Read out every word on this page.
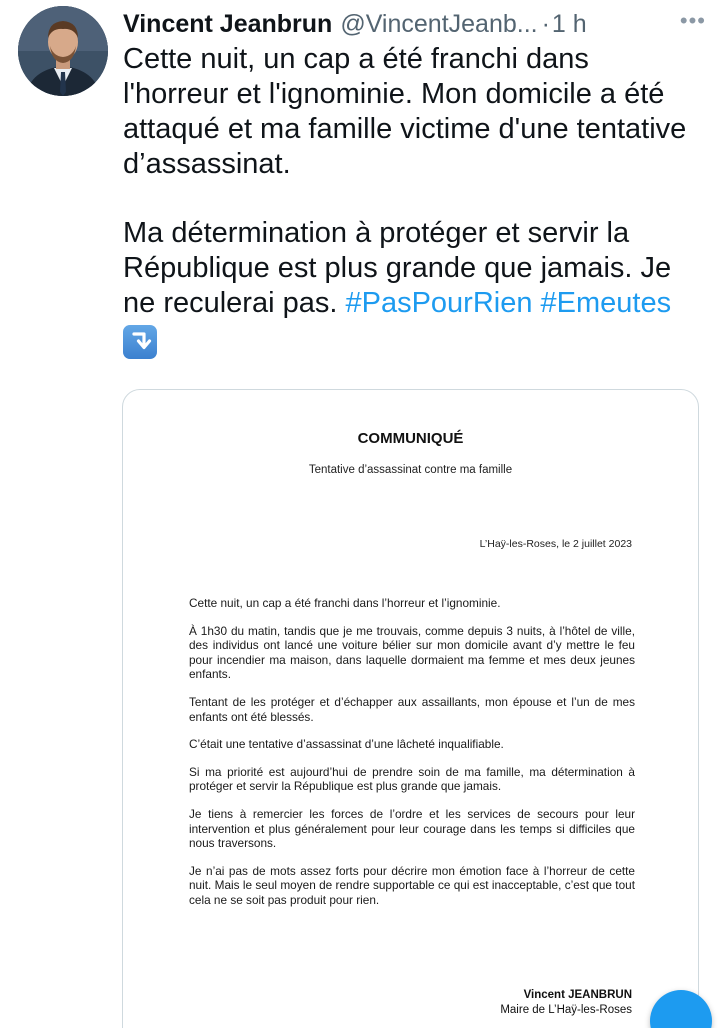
Vincent Jeanbrun @VincentJeanb... · 1 h	•••

Cette nuit, un cap a été franchi dans l'horreur et l'ignominie. Mon domicile a été attaqué et ma famille victime d'une tentative d’assassinat.

Ma détermination à protéger et servir la République est plus grande que jamais. Je ne reculerai pas. #PasPourRien #Emeutes

COMMUNIQUÉ
Tentative d’assassinat contre ma famille
L’Haÿ-les-Roses, le 2 juillet 2023

Cette nuit, un cap a été franchi dans l’horreur et l’ignominie.

À 1h30 du matin, tandis que je me trouvais, comme depuis 3 nuits, à l’hôtel de ville, des individus ont lancé une voiture bélier sur mon domicile avant d’y mettre le feu pour incendier ma maison, dans laquelle dormaient ma femme et mes deux jeunes enfants.

Tentant de les protéger et d’échapper aux assaillants, mon épouse et l’un de mes enfants ont été blessés.

C’était une tentative d’assassinat d’une lâcheté inqualifiable.

Si ma priorité est aujourd’hui de prendre soin de ma famille, ma détermination à protéger et servir la République est plus grande que jamais.

Je tiens à remercier les forces de l’ordre et les services de secours pour leur intervention et plus généralement pour leur courage dans les temps si difficiles que nous traversons.

Je n’ai pas de mots assez forts pour décrire mon émotion face à l’horreur de cette nuit. Mais le seul moyen de rendre supportable ce qui est inacceptable, c’est que tout cela ne se soit pas produit pour rien.

Vincent JEANBRUN
Maire de L’Haÿ-les-Roses
